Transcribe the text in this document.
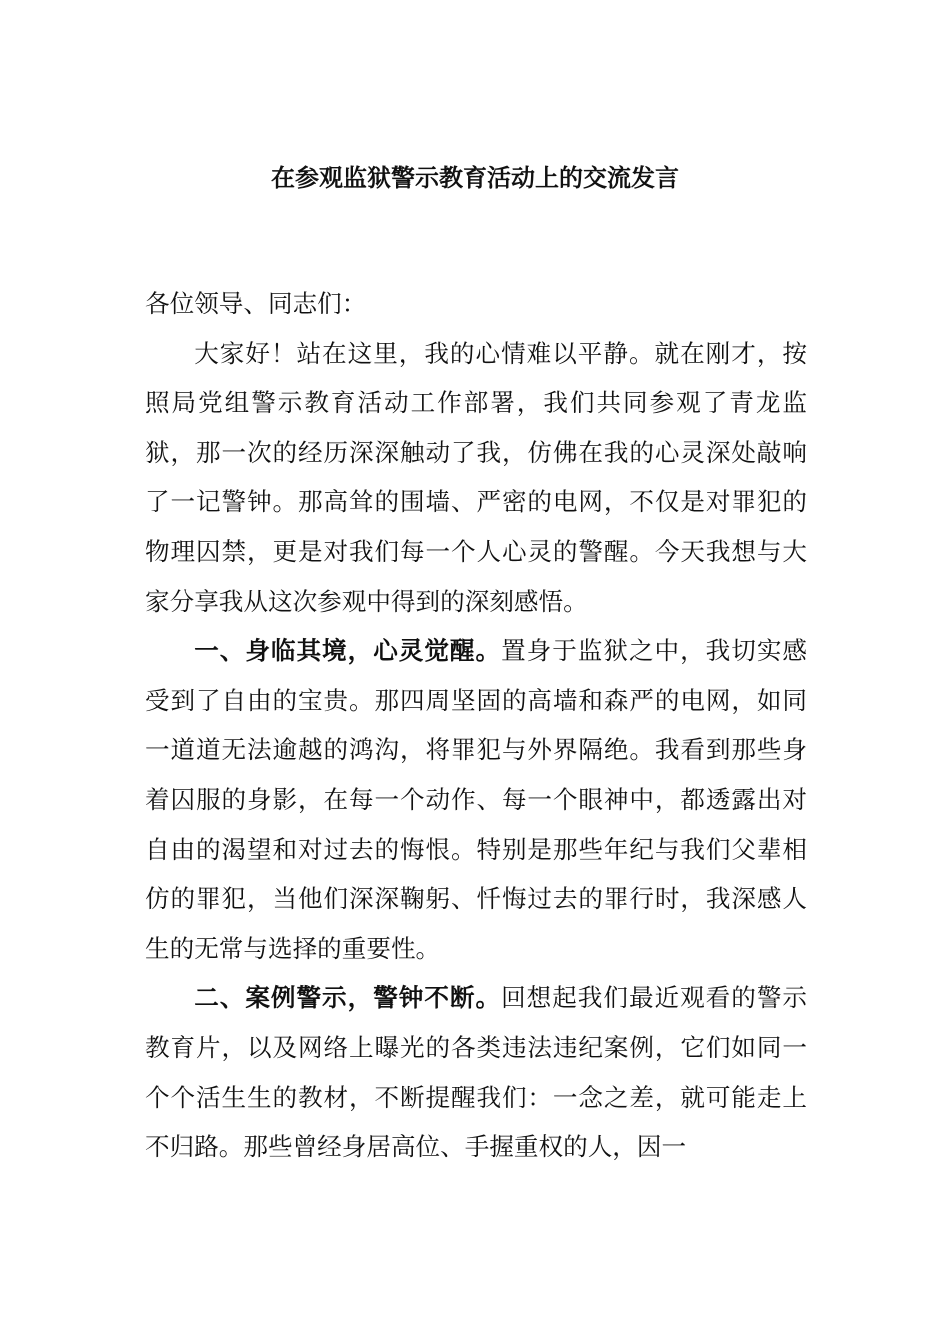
在参观监狱警示教育活动上的交流发言

各位领导、同志们：

大家好！站在这里，我的心情难以平静。就在刚才，按照局党组警示教育活动工作部署，我们共同参观了青龙监狱，那一次的经历深深触动了我，仿佛在我的心灵深处敲响了一记警钟。那高耸的围墙、严密的电网，不仅是对罪犯的物理囚禁，更是对我们每一个人心灵的警醒。今天我想与大家分享我从这次参观中得到的深刻感悟。

一、身临其境，心灵觉醒。置身于监狱之中，我切实感受到了自由的宝贵。那四周坚固的高墙和森严的电网，如同一道道无法逾越的鸿沟，将罪犯与外界隔绝。我看到那些身着囚服的身影，在每一个动作、每一个眼神中，都透露出对自由的渴望和对过去的悔恨。特别是那些年纪与我们父辈相仿的罪犯，当他们深深鞠躬、忏悔过去的罪行时，我深感人生的无常与选择的重要性。

二、案例警示，警钟不断。回想起我们最近观看的警示教育片，以及网络上曝光的各类违法违纪案例，它们如同一个个活生生的教材，不断提醒我们：一念之差，就可能走上不归路。那些曾经身居高位、手握重权的人，因一
